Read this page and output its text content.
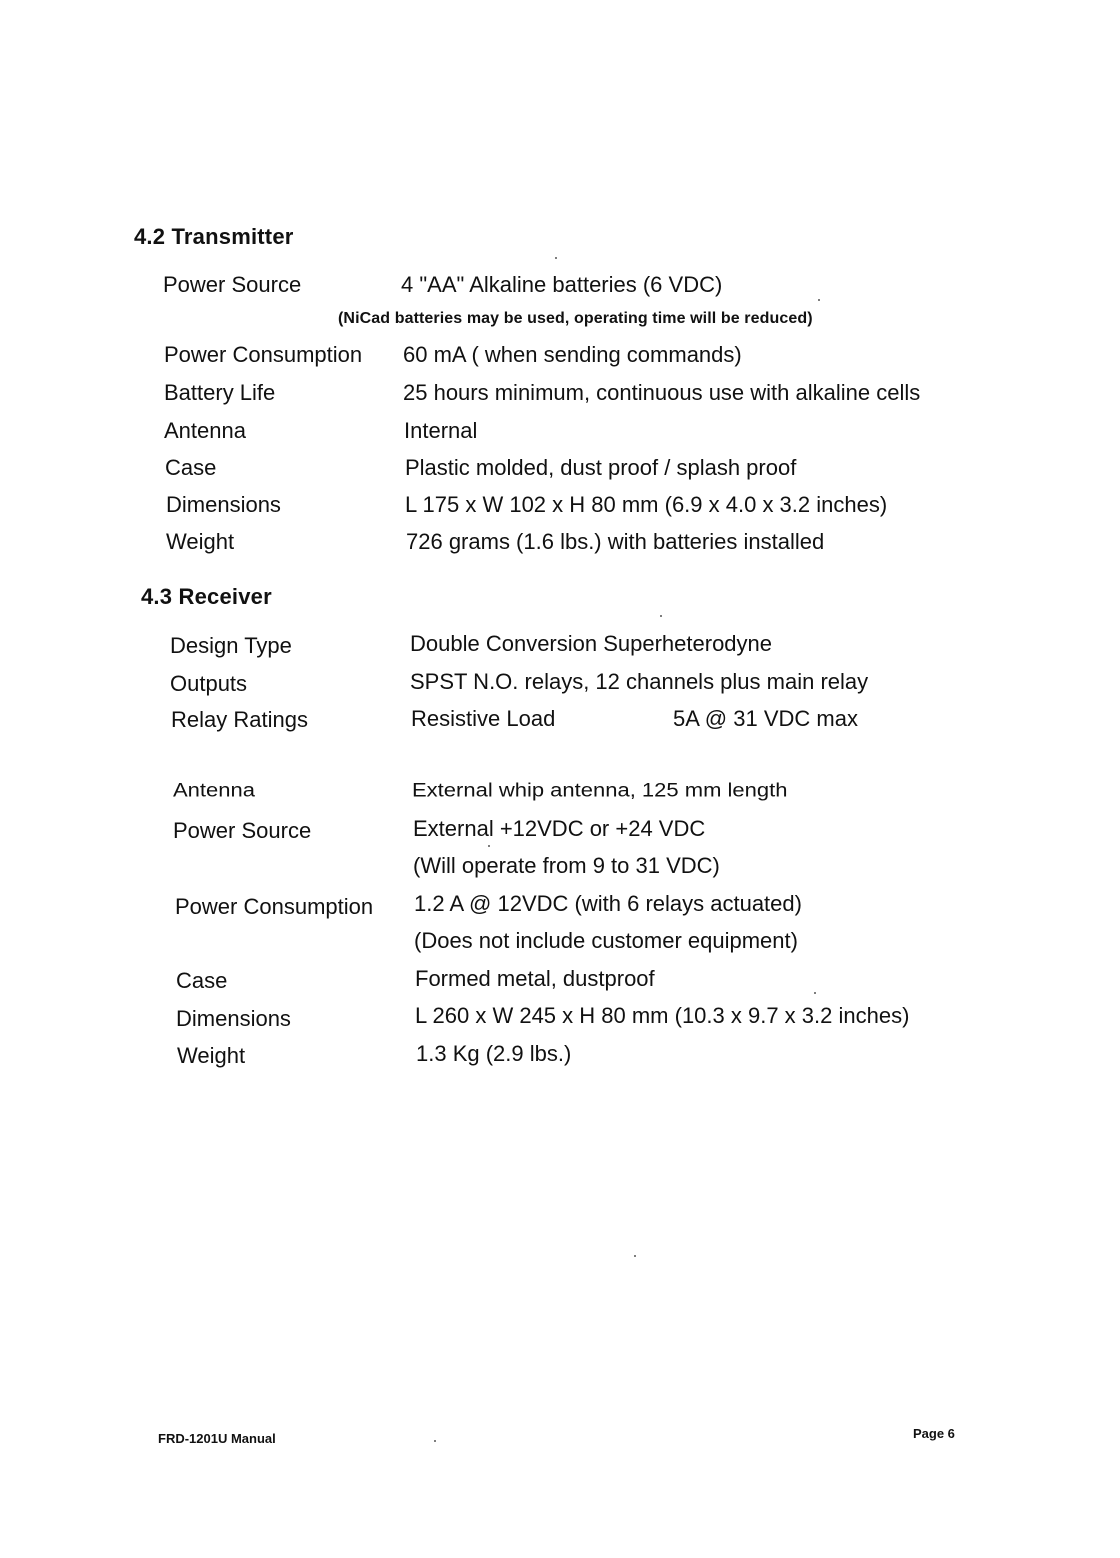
4.2 Transmitter
Power Source	4 "AA" Alkaline batteries (6 VDC)
(NiCad batteries may be used, operating time will be reduced)
Power Consumption 60 mA ( when sending commands)
Battery Life	25 hours minimum, continuous use with alkaline cells
Antenna	Internal
Case	Plastic molded, dust proof / splash proof
Dimensions	L 175 x W 102 x H 80 mm (6.9 x 4.0 x 3.2 inches)
Weight	726 grams (1.6 lbs.) with batteries installed
4.3 Receiver
Design Type	Double Conversion Superheterodyne
Outputs	SPST N.O. relays, 12 channels plus main relay
Relay Ratings	Resistive Load	5A @ 31 VDC max
Antenna	External whip antenna, 125 mm length
Power Source	External +12VDC or +24 VDC
(Will operate from 9 to 31 VDC)
Power Consumption 1.2 A @ 12VDC (with 6 relays actuated)
(Does not include customer equipment)
Case	Formed metal, dustproof
Dimensions	L 260 x W 245 x H 80 mm (10.3 x 9.7 x 3.2 inches)
Weight	1.3 Kg (2.9 lbs.)
FRD-1201U Manual	Page 6
